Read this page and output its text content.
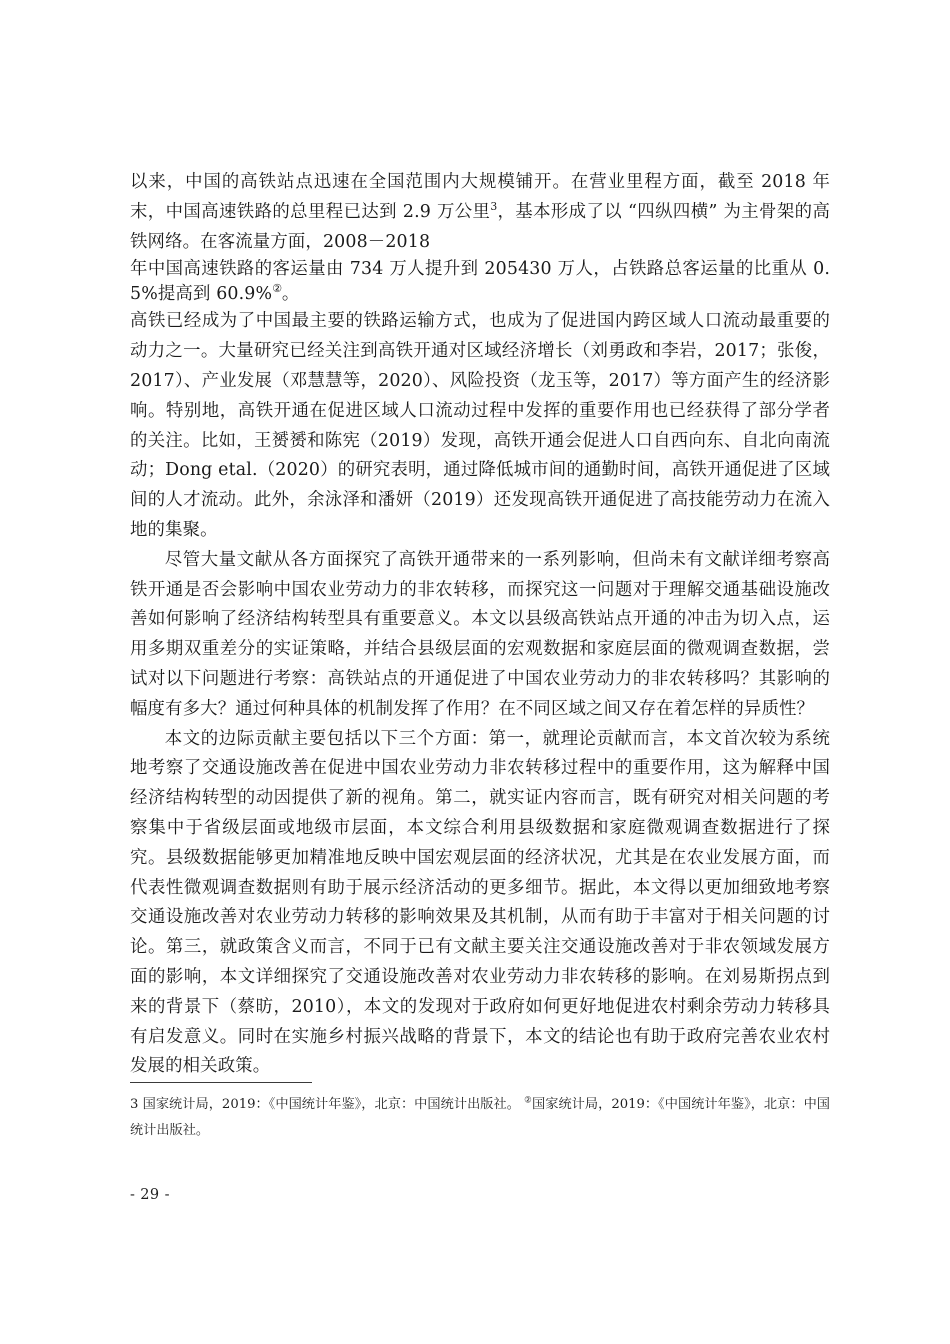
以来，中国的高铁站点迅速在全国范围内大规模铺开。在营业里程方面，截至 2018 年末，中国高速铁路的总里程已达到 2.9 万公里$^3$，基本形成了以 “四纵四横” 为主骨架的高铁网络。在客流量方面，2008－2018

年中国高速铁路的客运量由 734 万人提升到 205430 万人，占铁路总客运量的比重从 0.5%提高到 60.9%②。

高铁已经成为了中国最主要的铁路运输方式，也成为了促进国内跨区域人口流动最重要的动力之一。大量研究已经关注到高铁开通对区域经济增长（刘勇政和李岩，2017；张俊，2017）、产业发展（邓慧慧等，2020）、风险投资（龙玉等，2017）等方面产生的经济影响。特别地，高铁开通在促进区域人口流动过程中发挥的重要作用也已经获得了部分学者的关注。比如，王赟赟和陈宪（2019）发现，高铁开通会促进人口自西向东、自北向南流动；Dong etal.（2020）的研究表明，通过降低城市间的通勤时间，高铁开通促进了区域间的人才流动。此外，余泳泽和潘妍（2019）还发现高铁开通促进了高技能劳动力在流入地的集聚。

尽管大量文献从各方面探究了高铁开通带来的一系列影响，但尚未有文献详细考察高铁开通是否会影响中国农业劳动力的非农转移，而探究这一问题对于理解交通基础设施改善如何影响了经济结构转型具有重要意义。本文以县级高铁站点开通的冲击为切入点，运用多期双重差分的实证策略，并结合县级层面的宏观数据和家庭层面的微观调查数据，尝试对以下问题进行考察：高铁站点的开通促进了中国农业劳动力的非农转移吗？其影响的幅度有多大？通过何种具体的机制发挥了作用？在不同区域之间又存在着怎样的异质性？

本文的边际贡献主要包括以下三个方面：第一，就理论贡献而言，本文首次较为系统地考察了交通设施改善在促进中国农业劳动力非农转移过程中的重要作用，这为解释中国经济结构转型的动因提供了新的视角。第二，就实证内容而言，既有研究对相关问题的考察集中于省级层面或地级市层面，本文综合利用县级数据和家庭微观调查数据进行了探究。县级数据能够更加精准地反映中国宏观层面的经济状况，尤其是在农业发展方面，而代表性微观调查数据则有助于展示经济活动的更多细节。据此，本文得以更加细致地考察交通设施改善对农业劳动力转移的影响效果及其机制，从而有助于丰富对于相关问题的讨论。第三，就政策含义而言，不同于已有文献主要关注交通设施改善对于非农领域发展方面的影响，本文详细探究了交通设施改善对农业劳动力非农转移的影响。在刘易斯拐点到来的背景下（蔡昉，2010），本文的发现对于政府如何更好地促进农村剩余劳动力转移具有启发意义。同时在实施乡村振兴战略的背景下，本文的结论也有助于政府完善农业农村发展的相关政策。

3 国家统计局，2019：《中国统计年鉴》，北京：中国统计出版社。 ②国家统计局，2019：《中国统计年鉴》，北京：中国统计出版社。

- 29 -
